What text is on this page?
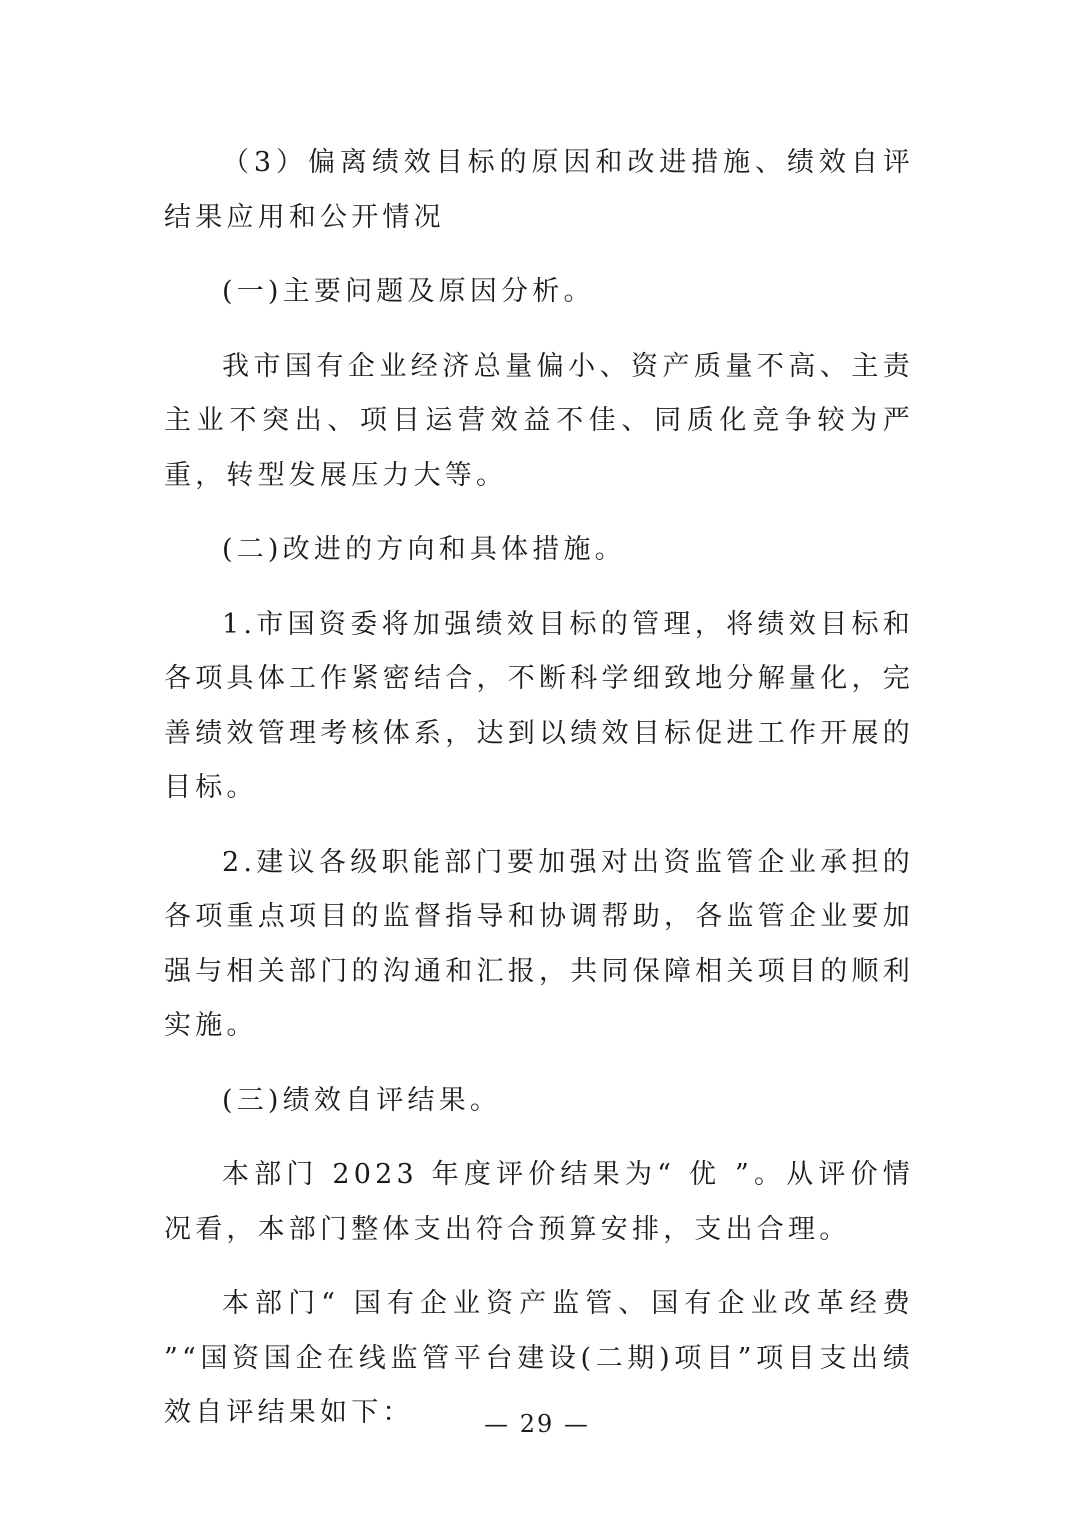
（3）偏离绩效目标的原因和改进措施、绩效自评结果应用和公开情况

(一)主要问题及原因分析。

我市国有企业经济总量偏小、资产质量不高、主责主业不突出、项目运营效益不佳、同质化竞争较为严重，转型发展压力大等。

(二)改进的方向和具体措施。

1.市国资委将加强绩效目标的管理，将绩效目标和各项具体工作紧密结合，不断科学细致地分解量化，完善绩效管理考核体系，达到以绩效目标促进工作开展的目标。

2.建议各级职能部门要加强对出资监管企业承担的各项重点项目的监督指导和协调帮助，各监管企业要加强与相关部门的沟通和汇报，共同保障相关项目的顺利实施。

(三)绩效自评结果。

本部门 2023 年度评价结果为“ 优 ”。从评价情况看，本部门整体支出符合预算安排，支出合理。

本部门“ 国有企业资产监管、国有企业改革经费 ”“国资国企在线监管平台建设(二期)项目”项目支出绩效自评结果如下：	— 29 —
